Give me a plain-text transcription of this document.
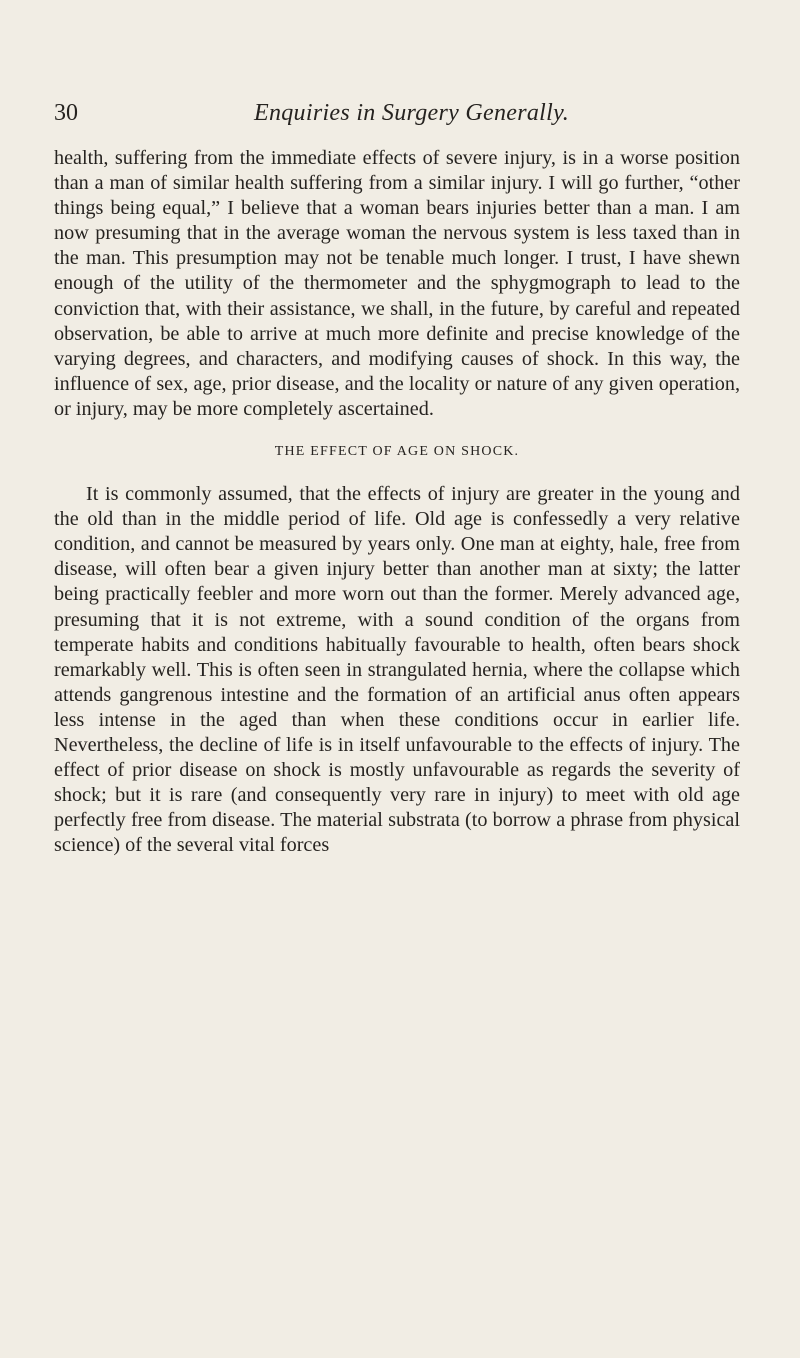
30	Enquiries in Surgery Generally.

health, suffering from the immediate effects of severe injury, is in a worse position than a man of similar health suffering from a similar injury. I will go further, “other things being equal,” I believe that a woman bears injuries better than a man. I am now presuming that in the average woman the nervous system is less taxed than in the man. This presumption may not be tenable much longer. I trust, I have shewn enough of the utility of the thermometer and the sphygmograph to lead to the conviction that, with their assistance, we shall, in the future, by careful and repeated observation, be able to arrive at much more definite and precise knowledge of the varying degrees, and characters, and modifying causes of shock. In this way, the influence of sex, age, prior disease, and the locality or nature of any given operation, or injury, may be more completely ascertained.

THE EFFECT OF AGE ON SHOCK.

It is commonly assumed, that the effects of injury are greater in the young and the old than in the middle period of life. Old age is confessedly a very relative condition, and cannot be measured by years only. One man at eighty, hale, free from disease, will often bear a given injury better than another man at sixty; the latter being practically feebler and more worn out than the former. Merely advanced age, presuming that it is not extreme, with a sound condition of the organs from temperate habits and conditions habitually favourable to health, often bears shock remarkably well. This is often seen in strangulated hernia, where the collapse which attends gangrenous intestine and the formation of an artificial anus often appears less intense in the aged than when these conditions occur in earlier life. Nevertheless, the decline of life is in itself unfavourable to the effects of injury. The effect of prior disease on shock is mostly unfavourable as regards the severity of shock; but it is rare (and consequently very rare in injury) to meet with old age perfectly free from disease. The material substrata (to borrow a phrase from physical science) of the several vital forces
